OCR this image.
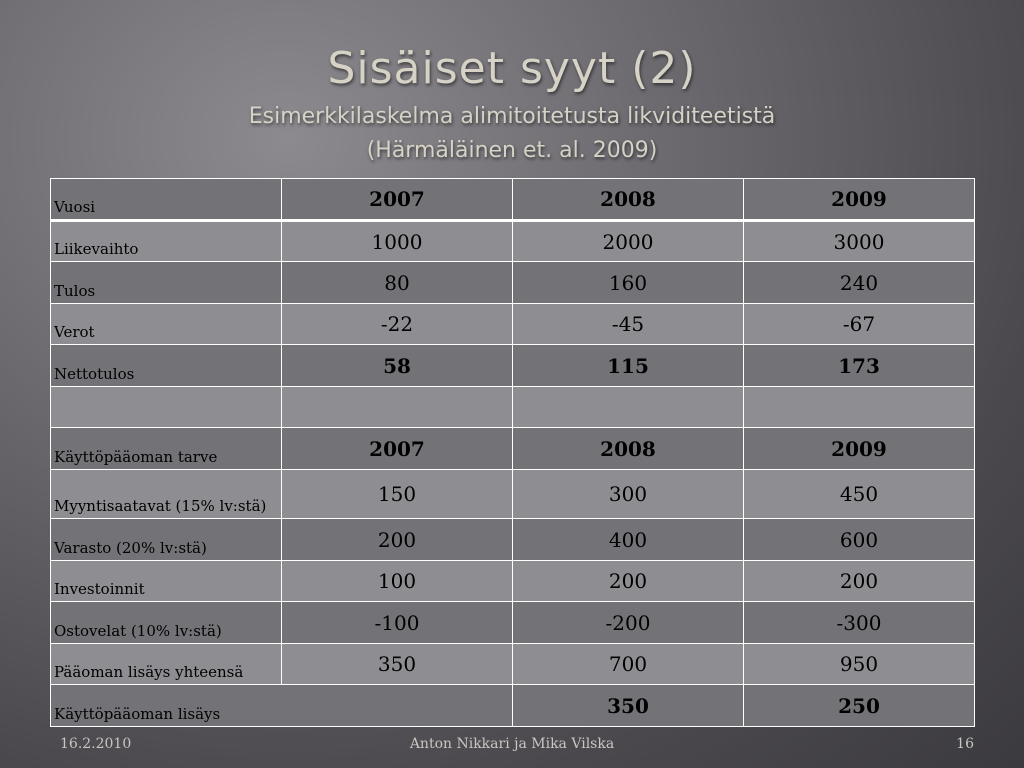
Sisäiset syyt (2)
Esimerkkilaskelma alimitoitetusta likviditeetistä
(Härmäläinen et. al. 2009)
Vuosi	2007	2008	2009
Liikevaihto	1000	2000	3000
Tulos	80	160	240
Verot	-22	-45	-67
Nettotulos	58	115	173

Käyttöpääoman tarve	2007	2008	2009
Myyntisaatavat (15% lv:stä)	150	300	450
Varasto (20% lv:stä)	200	400	600
Investoinnit	100	200	200
Ostovelat (10% lv:stä)	-100	-200	-300
Pääoman lisäys yhteensä	350	700	950
Käyttöpääoman lisäys		350	250
16.2.2010	Anton Nikkari ja Mika Vilska	16
